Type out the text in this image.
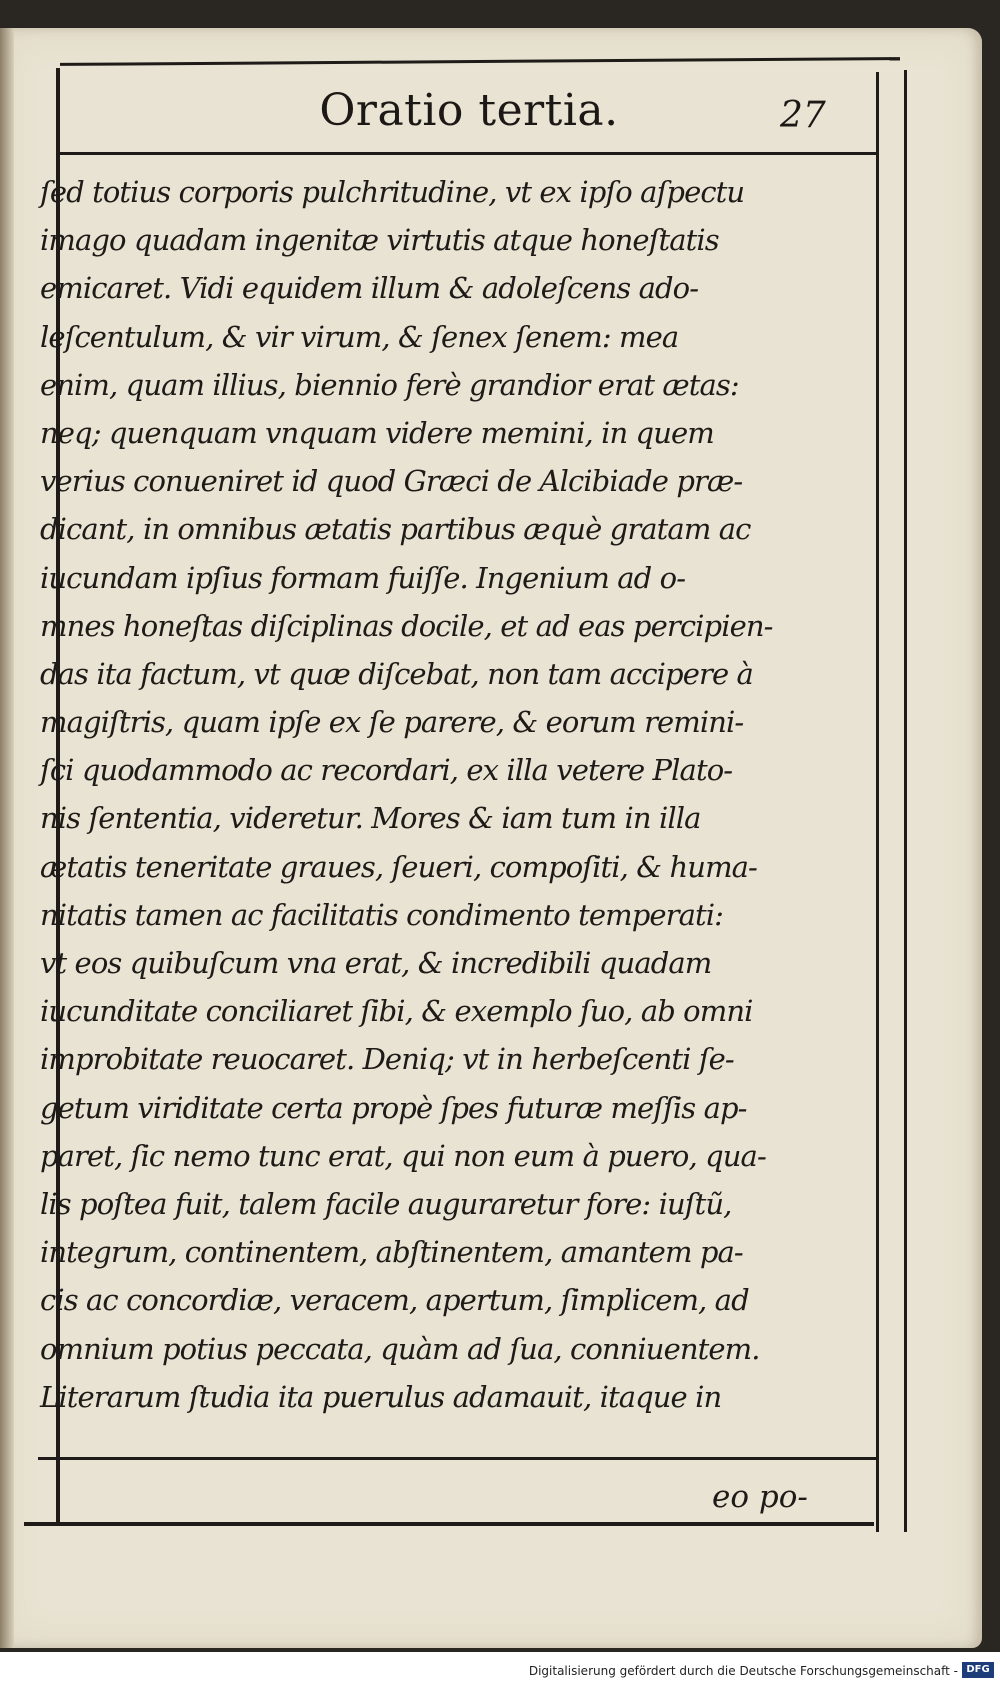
Oratio tertia.	27
ſed totius corporis pulchritudine, vt ex ipſo aſpectu
imago quadam ingenitæ virtutis atque honeſtatis
emicaret. Vidi equidem illum & adoleſcens ado-
leſcentulum, & vir virum, & ſenex ſenem: mea
enim, quam illius, biennio ferè grandior erat ætas:
neq; quenquam vnquam videre memini, in quem
verius conueniret id quod Græci de Alcibiade præ-
dicant, in omnibus ætatis partibus æquè gratam ac
iucundam ipſius formam fuiſſe. Ingenium ad o-
mnes honeſtas diſciplinas docile, et ad eas percipien-
das ita factum, vt quæ diſcebat, non tam accipere à
magiſtris, quam ipſe ex ſe parere, & eorum remini-
ſci quodammodo ac recordari, ex illa vetere Plato-
nis ſententia, videretur. Mores & iam tum in illa
ætatis teneritate graues, ſeueri, compoſiti, & huma-
nitatis tamen ac facilitatis condimento temperati:
vt eos quibuſcum vna erat, & incredibili quadam
iucunditate conciliaret ſibi, & exemplo ſuo, ab omni
improbitate reuocaret. Deniq; vt in herbeſcenti ſe-
getum viriditate certa propè ſpes futuræ meſſis ap-
paret, ſic nemo tunc erat, qui non eum à puero, qua-
lis poſtea fuit, talem facile auguraretur fore: iuſtũ,
integrum, continentem, abſtinentem, amantem pa-
cis ac concordiæ, veracem, apertum, ſimplicem, ad
omnium potius peccata, quàm ad ſua, conniuentem.
Literarum ſtudia ita puerulus adamauit, itaque in
eo po-
Digitalisierung gefördert durch die Deutsche Forschungsgemeinschaft - DFG
